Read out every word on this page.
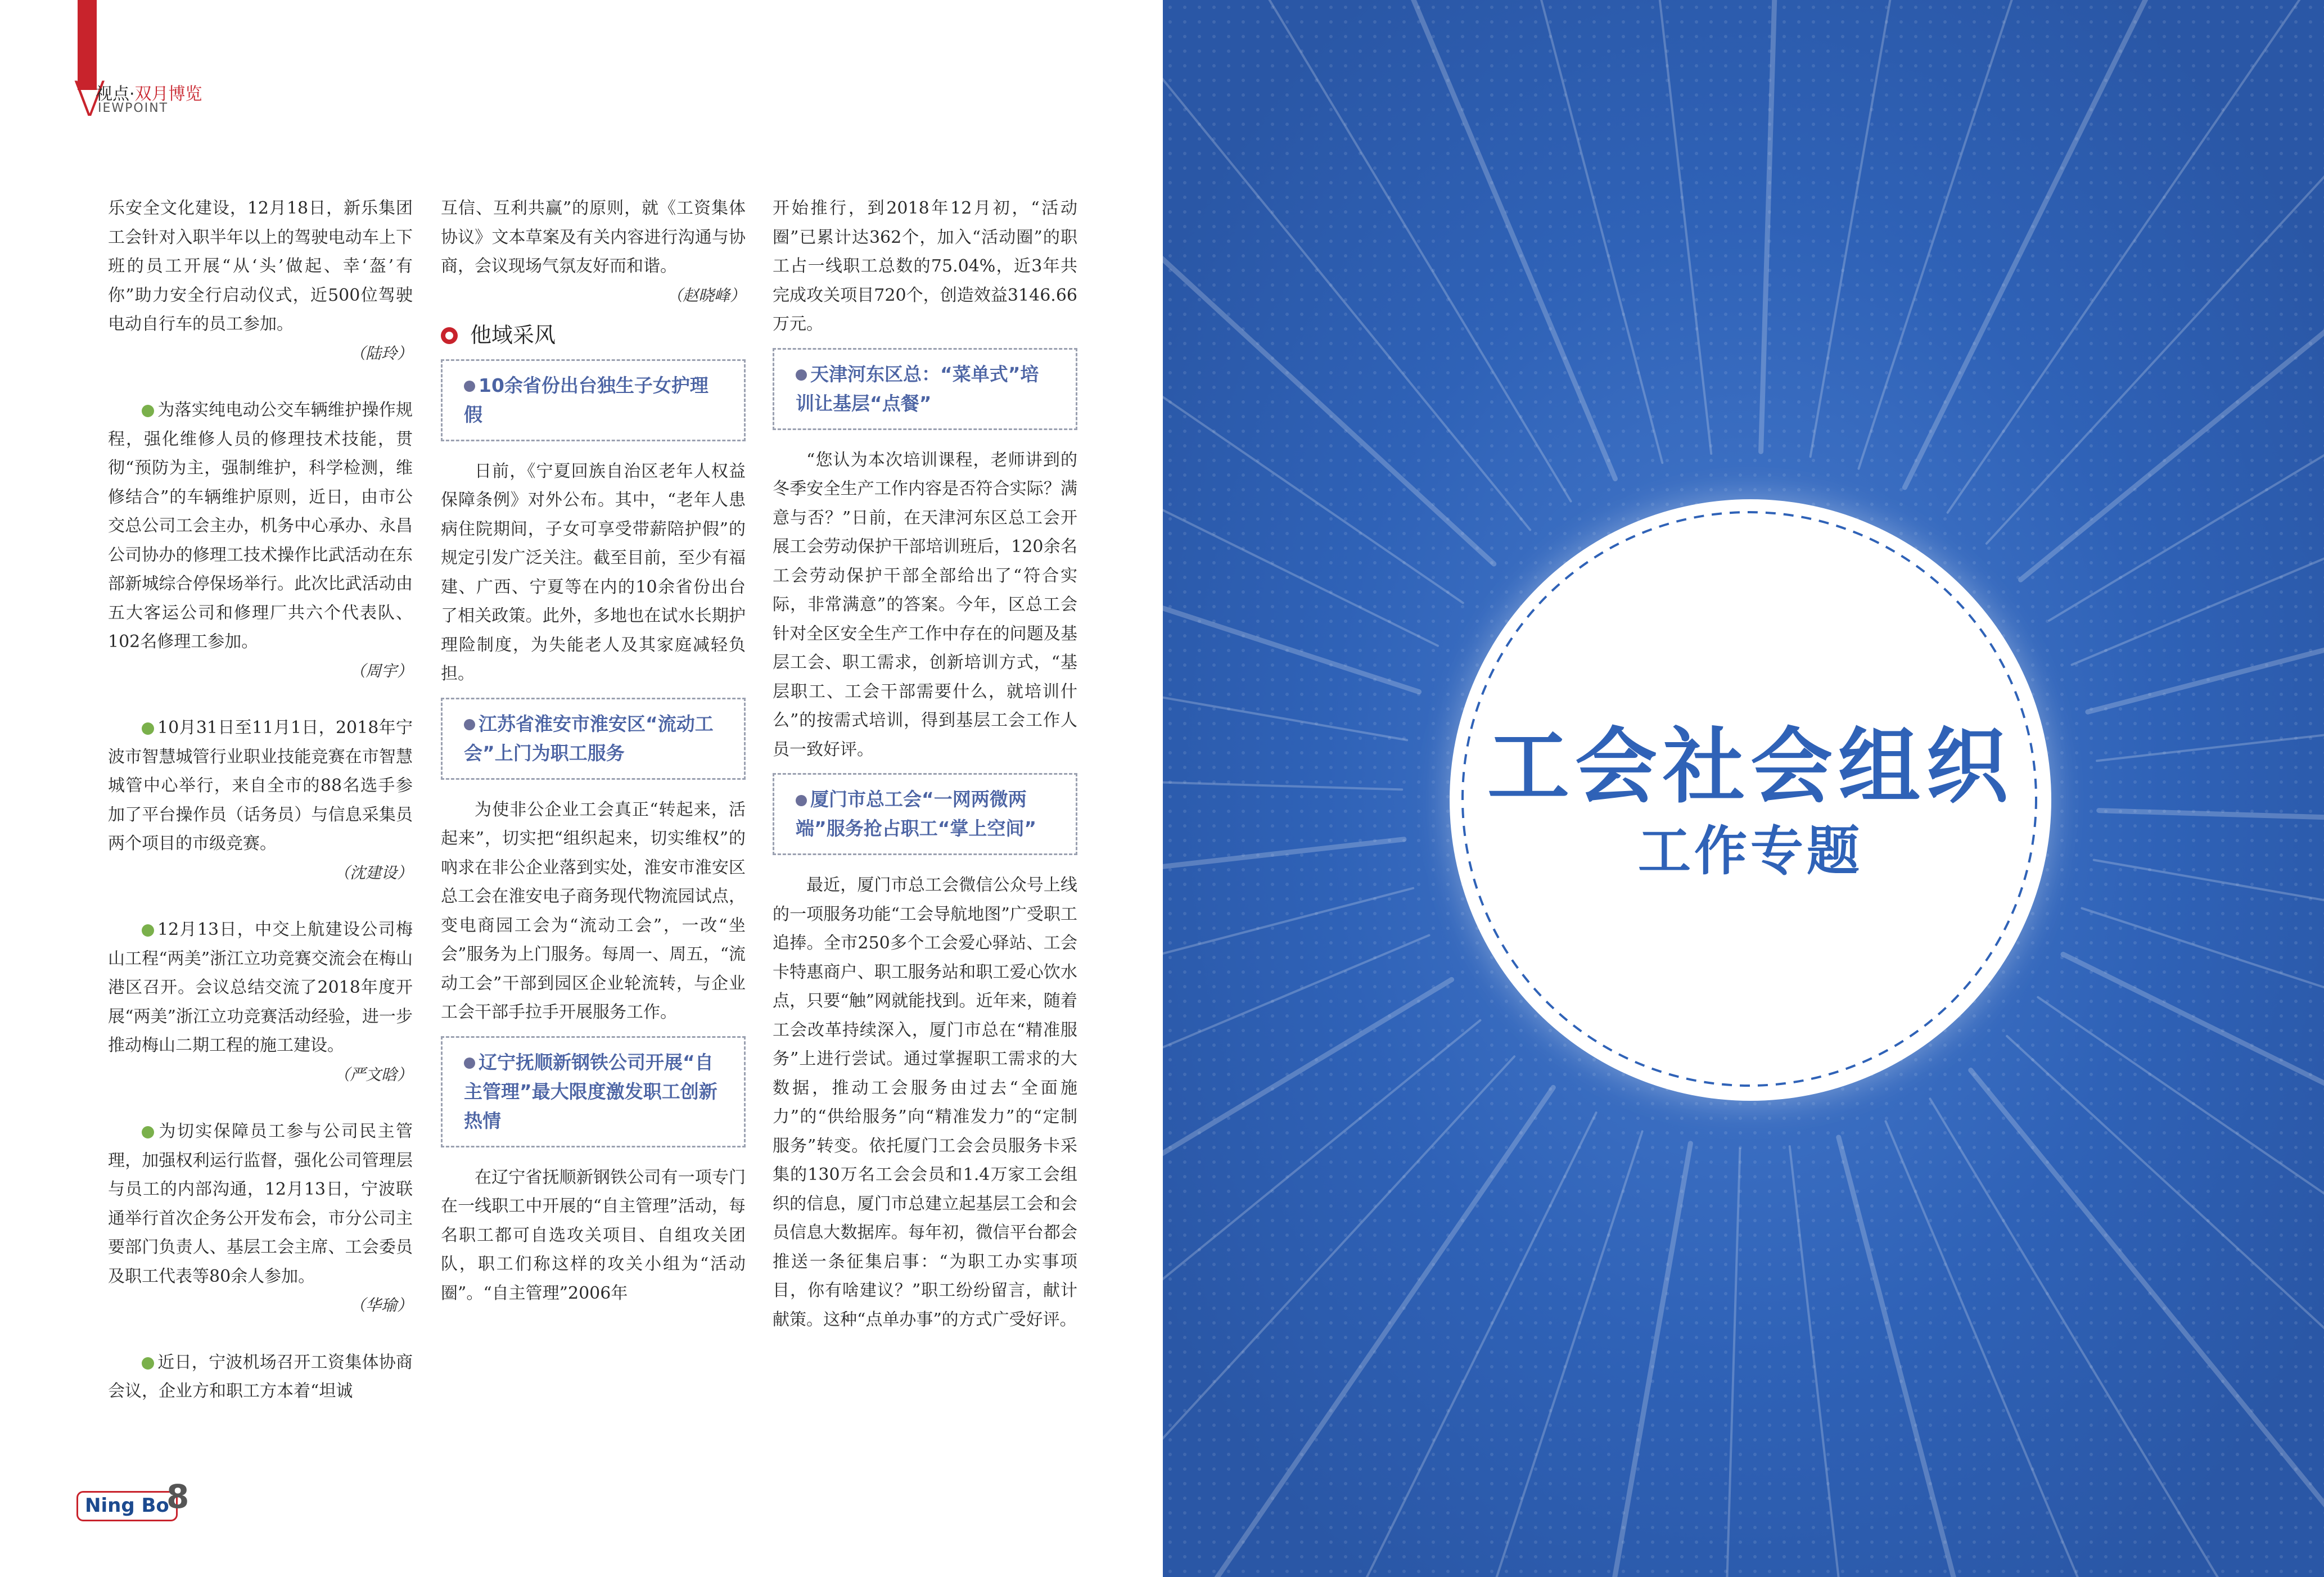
V
视点·双月博览
IEWPOINT

乐安全文化建设，12月18日，新乐集团工会针对入职半年以上的驾驶电动车上下班的员工开展“从‘头’做起、幸‘盔’有你”助力安全行启动仪式，近500位驾驶电动自行车的员工参加。

（陆玲）

为落实纯电动公交车辆维护操作规程，强化维修人员的修理技术技能，贯彻“预防为主，强制维护，科学检测，维修结合”的车辆维护原则，近日，由市公交总公司工会主办，机务中心承办、永昌公司协办的修理工技术操作比武活动在东部新城综合停保场举行。此次比武活动由五大客运公司和修理厂共六个代表队、102名修理工参加。

（周宇）

10月31日至11月1日，2018年宁波市智慧城管行业职业技能竞赛在市智慧城管中心举行，来自全市的88名选手参加了平台操作员（话务员）与信息采集员两个项目的市级竞赛。

（沈建设）

12月13日，中交上航建设公司梅山工程“两美”浙江立功竞赛交流会在梅山港区召开。会议总结交流了2018年度开展“两美”浙江立功竞赛活动经验，进一步推动梅山二期工程的施工建设。

（严文晗）

为切实保障员工参与公司民主管理，加强权利运行监督，强化公司管理层与员工的内部沟通，12月13日，宁波联通举行首次企务公开发布会，市分公司主要部门负责人、基层工会主席、工会委员及职工代表等80余人参加。

（华瑜）

近日，宁波机场召开工资集体协商会议，企业方和职工方本着“坦诚

互信、互利共赢”的原则，就《工资集体协议》文本草案及有关内容进行沟通与协商，会议现场气氛友好而和谐。

（赵晓峰）

他域采风
10余省份出台独生子女护理假

日前，《宁夏回族自治区老年人权益保障条例》对外公布。其中，“老年人患病住院期间，子女可享受带薪陪护假”的规定引发广泛关注。截至目前，至少有福建、广西、宁夏等在内的10余省份出台了相关政策。此外，多地也在试水长期护理险制度，为失能老人及其家庭减轻负担。

江苏省淮安市淮安区“流动工会”上门为职工服务

为使非公企业工会真正“转起来，活起来”，切实把“组织起来，切实维权”的吶求在非公企业落到实处，淮安市淮安区总工会在淮安电子商务现代物流园试点，变电商园工会为“流动工会”，一改“坐会”服务为上门服务。每周一、周五，“流动工会”干部到园区企业轮流转，与企业工会干部手拉手开展服务工作。

辽宁抚顺新钢铁公司开展“自主管理”最大限度激发职工创新热情

在辽宁省抚顺新钢铁公司有一项专门在一线职工中开展的“自主管理”活动，每名职工都可自选攻关项目、自组攻关团队，职工们称这样的攻关小组为“活动圈”。“自主管理”2006年

开始推行，到2018年12月初，“活动圈”已累计达362个，加入“活动圈”的职工占一线职工总数的75.04%，近3年共完成攻关项目720个，创造效益3146.66万元。

天津河东区总：“菜单式”培训让基层“点餐”

“您认为本次培训课程，老师讲到的冬季安全生产工作内容是否符合实际？满意与否？”日前，在天津河东区总工会开展工会劳动保护干部培训班后，120余名工会劳动保护干部全部给出了“符合实际，非常满意”的答案。今年，区总工会针对全区安全生产工作中存在的问题及基层工会、职工需求，创新培训方式，“基层职工、工会干部需要什么，就培训什么”的按需式培训，得到基层工会工作人员一致好评。

厦门市总工会“一网两微两端”服务抢占职工“掌上空间”

最近，厦门市总工会微信公众号上线的一项服务功能“工会导航地图”广受职工追捧。全市250多个工会爱心驿站、工会卡特惠商户、职工服务站和职工爱心饮水点，只要“触”网就能找到。近年来，随着工会改革持续深入，厦门市总在“精准服务”上进行尝试。通过掌握职工需求的大数据，推动工会服务由过去“全面施力”的“供给服务”向“精准发力”的“定制服务”转变。依托厦门工会会员服务卡采集的130万名工会会员和1.4万家工会组织的信息，厦门市总建立起基层工会和会员信息大数据库。每年初，微信平台都会推送一条征集启事：“为职工办实事项目，你有啥建议？”职工纷纷留言，献计献策。这种“点单办事”的方式广受好评。

Ning Bo
8
工会社会组织
工作专题
